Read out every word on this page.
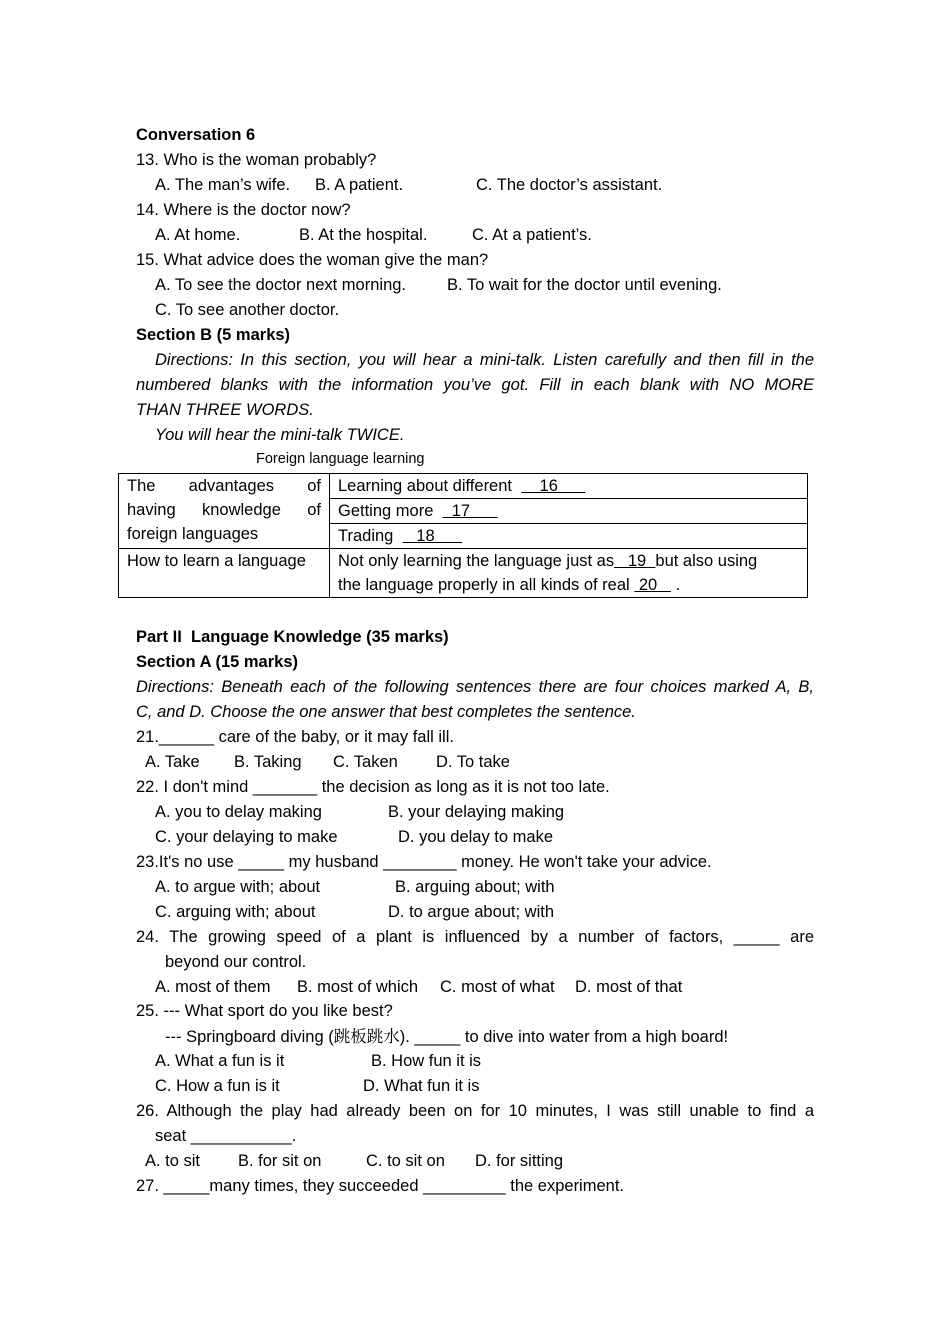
Conversation 6
13. Who is the woman probably?
A. The man’s wife. B. A patient.	C. The doctor’s assistant.
14. Where is the doctor now?
A. At home.	B. At the hospital.	C. At a patient’s.
15. What advice does the woman give the man?
A. To see the doctor next morning. B. To wait for the doctor until evening.
C. To see another doctor.
Section B (5 marks)
Directions: In this section, you will hear a mini-talk. Listen carefully and then fill in the
numbered blanks with the information you’ve got. Fill in each blank with NO MORE
THAN THREE WORDS.
You will hear the mini-talk TWICE.
Foreign language learning
The advantages of
having knowledge of
foreign languages	Learning about different 16
	Getting more 17
	Trading 18
How to learn a language	Not only learning the language just as 19 but also using
the language properly in all kinds of real 20 .
Part II  Language Knowledge (35 marks)
Section A (15 marks)
Directions: Beneath each of the following sentences there are four choices marked A, B,
C, and D. Choose the one answer that best completes the sentence.
21.______ care of the baby, or it may fall ill.
A. Take B. Taking C. Taken D. To take
22. I don't mind _______ the decision as long as it is not too late.
A. you to delay making	B. your delaying making
C. your delaying to make	D. you delay to make
23.It's no use _____ my husband ________ money. He won't take your advice.
A. to argue with; about	B. arguing about; with
C. arguing with; about	D. to argue about; with
24. The growing speed of a plant is influenced by a number of factors, _____ are
beyond our control.
A. most of them B. most of which C. most of what D. most of that
25. --- What sport do you like best?
--- Springboard diving (跳板跳水). _____ to dive into water from a high board!
A. What a fun is it	B. How fun it is
C. How a fun is it	D. What fun it is
26. Although the play had already been on for 10 minutes, I was still unable to find a
seat ___________.
A. to sit B. for sit on	C. to sit on D. for sitting
27. _____many times, they succeeded _________ the experiment.
